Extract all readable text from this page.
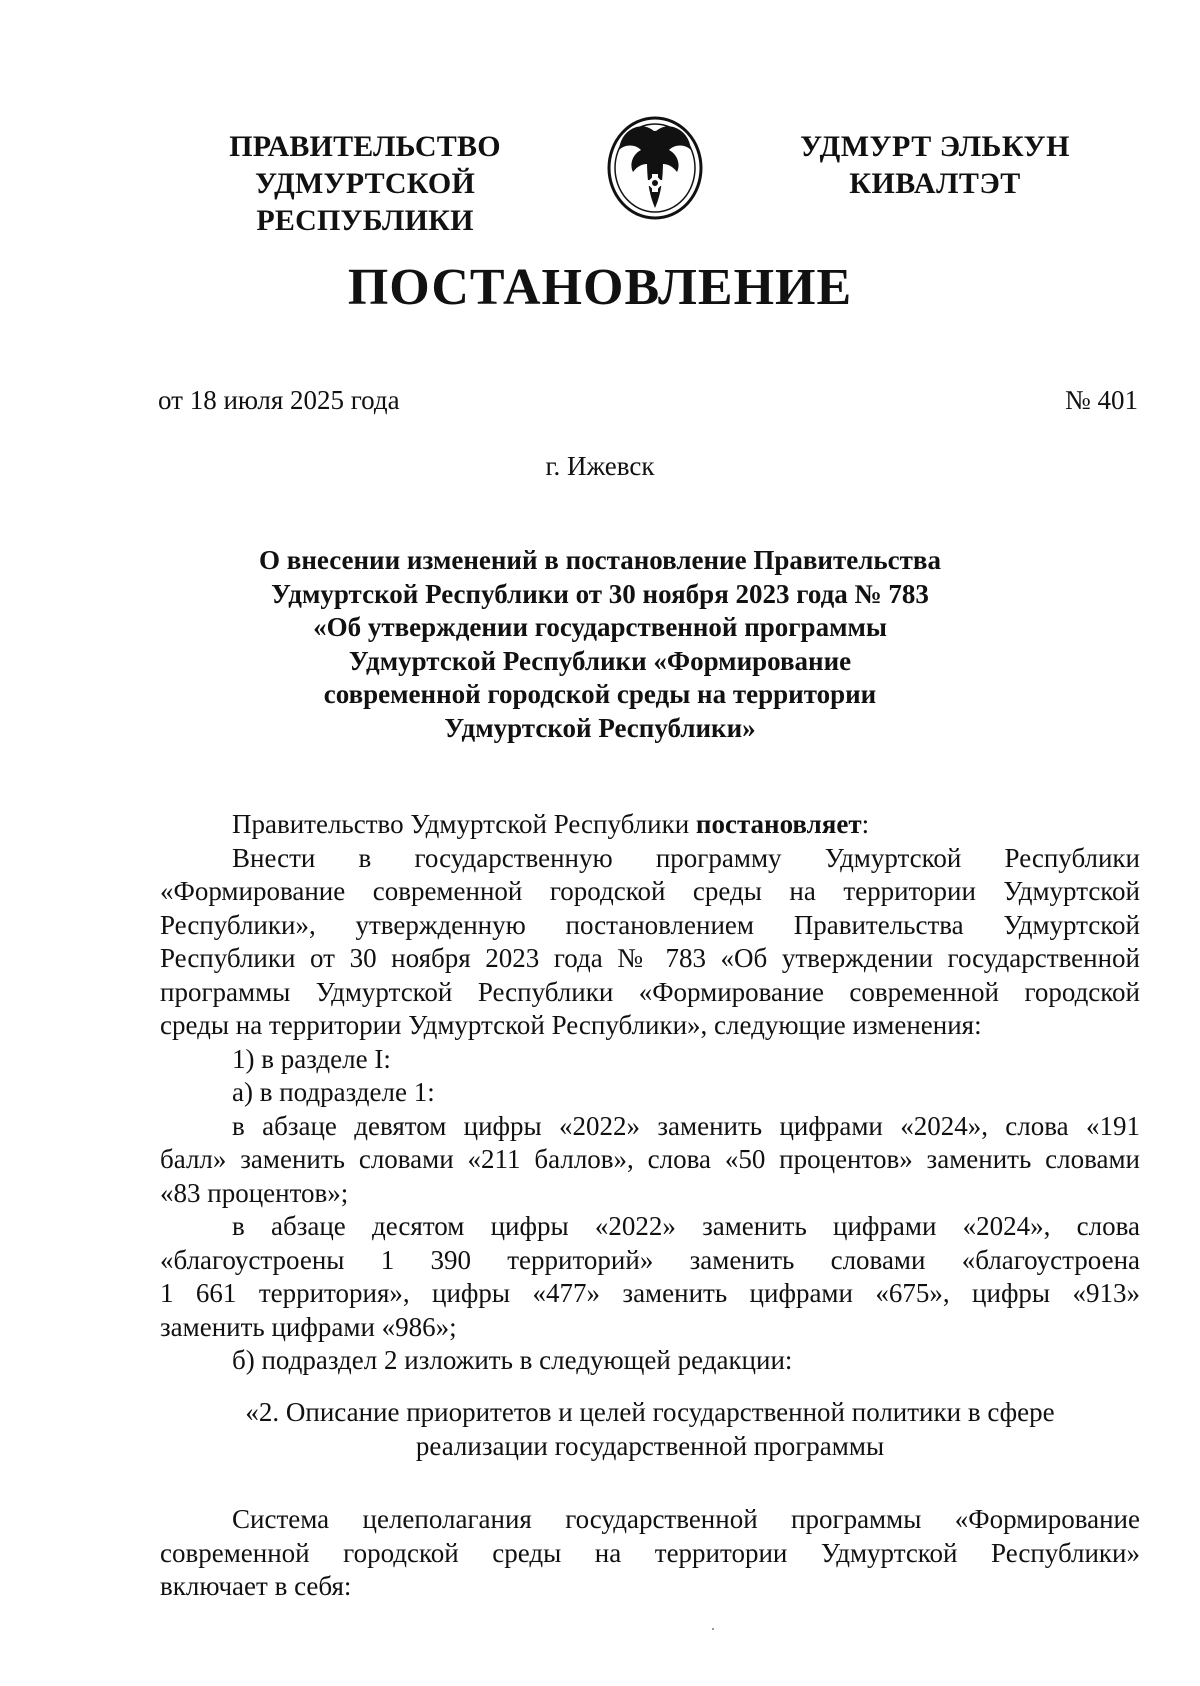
ПРАВИТЕЛЬСТВО
УДМУРТСКОЙ РЕСПУБЛИКИ
УДМУРТ ЭЛЬКУН
КИВАЛТЭТ
ПОСТАНОВЛЕНИЕ
от 18 июля 2025 года	№ 401
г. Ижевск
О внесении изменений в постановление Правительства
Удмуртской Республики от 30 ноября 2023 года № 783
«Об утверждении государственной программы
Удмуртской Республики «Формирование
современной городской среды на территории
Удмуртской Республики»
Правительство Удмуртской Республики постановляет:
Внести в государственную программу Удмуртской Республики
«Формирование современной городской среды на территории Удмуртской
Республики», утвержденную постановлением Правительства Удмуртской
Республики от 30 ноября 2023 года № 783 «Об утверждении государственной
программы Удмуртской Республики «Формирование современной городской
среды на территории Удмуртской Республики», следующие изменения:
1) в разделе I:
а) в подразделе 1:
в абзаце девятом цифры «2022» заменить цифрами «2024», слова «191
балл» заменить словами «211 баллов», слова «50 процентов» заменить словами
«83 процентов»;
в абзаце десятом цифры «2022» заменить цифрами «2024», слова
«благоустроены 1 390 территорий» заменить словами «благоустроена
1 661 территория», цифры «477» заменить цифрами «675», цифры «913»
заменить цифрами «986»;
б) подраздел 2 изложить в следующей редакции:
«2. Описание приоритетов и целей государственной политики в сфере
реализации государственной программы
Система целеполагания государственной программы «Формирование
современной городской среды на территории Удмуртской Республики»
включает в себя:
